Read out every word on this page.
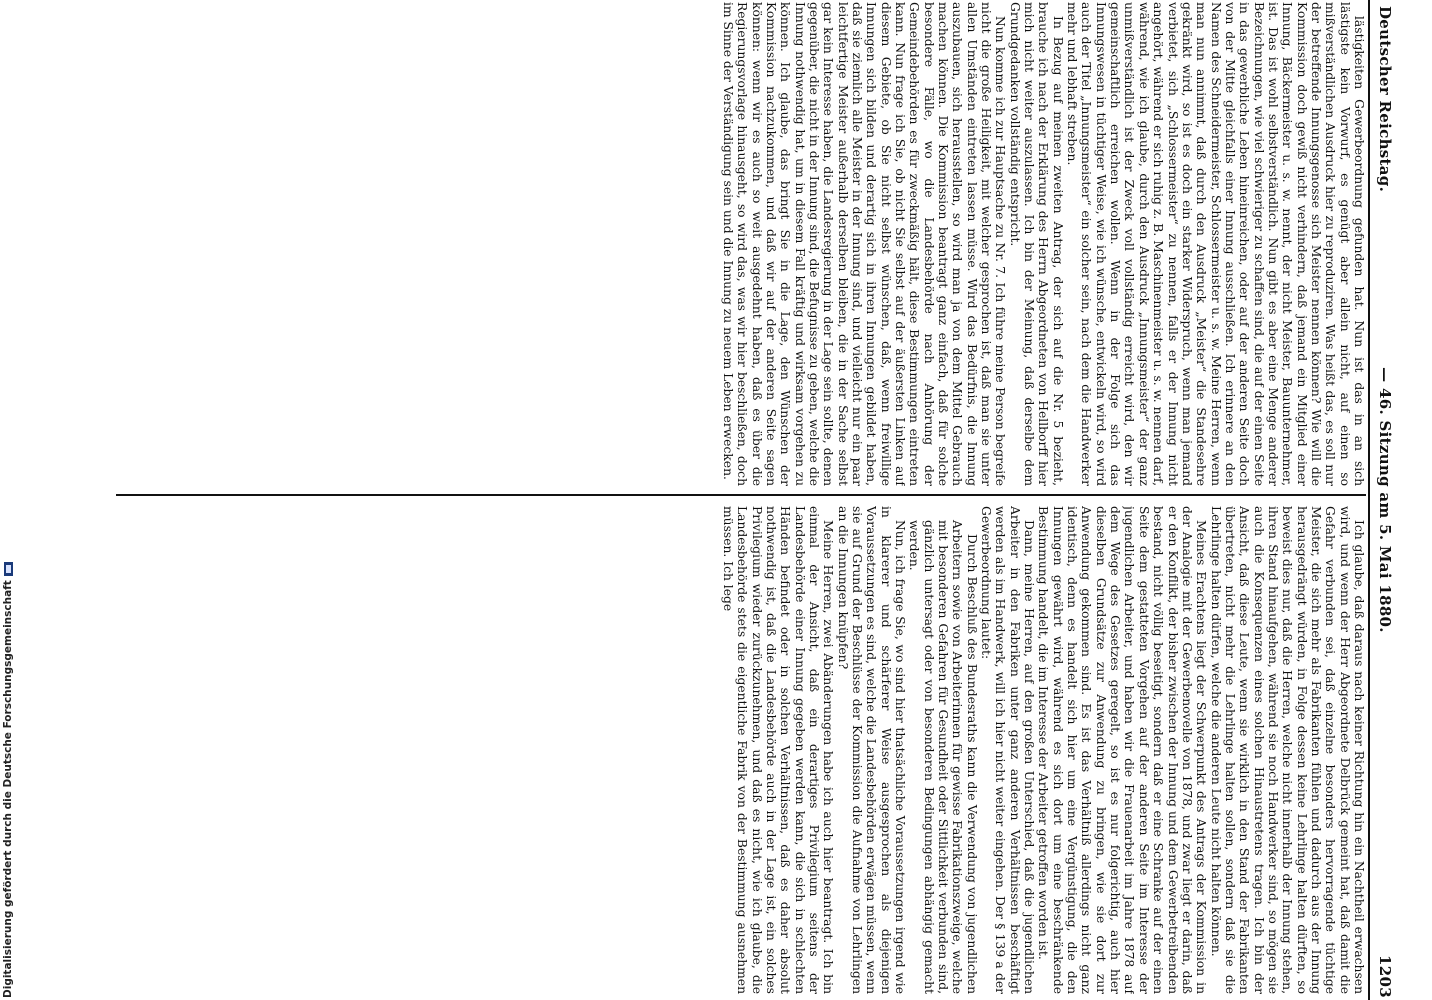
Deutscher Reichstag.
— 46. Sitzung am 5. Mai 1880.
1203

lästigkeiten Gewerbeordnung gefunden hat. Nun ist das in an sich lästigste kein Vorwurf, es genügt aber allein nicht, auf einen so mißverständlichen Ausdruck hier zu reproduziren. Was heißt das, es soll nur der betreffende Innungsgenosse sich Meister nennen können? Wie will die Kommission doch gewiß nicht verhindern, daß jemand ein Mitglied einer Innung, Bäckermeister u. s. w. nennt, der nicht Meister, Bauunternehmer, ist. Das ist wohl selbstverständlich. Nun gibt es aber eine Menge anderer Bezeichnungen, wie viel schwieriger zu schaffen sind, die auf der einen Seite in das gewerbliche Leben hineinreichen, oder auf der anderen Seite doch von der Mitte gleichfalls einer Innung ausschließen. Ich erinnere an den Namen des Schneidermeister, Schlossermeister u. s. w. Meine Herren, wenn man nun annimmt, daß durch den Ausdruck „Meister“ die Standesehre gekränkt wird, so ist es doch ein starker Widerspruch, wenn man jemand verbietet, sich „Schlossermeister“ zu nennen, falls er der Innung nicht angehört, während er sich ruhig z. B. Maschinenmeister u. s. w. nennen darf, während, wie ich glaube, durch den Ausdruck „Innungsmeister“ der ganz unmißverständlich ist der Zweck voll vollständig erreicht wird, den wir gemeinschaftlich erreichen wollen. Wenn in der Folge sich das Innungswesen in tüchtiger Weise, wie ich wünsche, entwickeln wird, so wird auch der Titel „Innungsmeister“ ein solcher sein, nach dem die Handwerker mehr und lebhaft streben.

In Bezug auf meinen zweiten Antrag, der sich auf die Nr. 5 bezieht, brauche ich nach der Erklärung des Herrn Abgeordneten von Hellborff hier mich nicht weiter auszulassen. Ich bin der Meinung, daß derselbe dem Grundgedanken vollständig entspricht.

Nun komme ich zur Hauptsache zu Nr. 7. Ich führe meine Person begreife nicht die große Heiligkeit, mit welcher gesprochen ist, daß man sie unter allen Umständen eintreten lassen müsse. Wird das Bedürfnis, die Innung auszubauen, sich herausstellen, so wird man ja von dem Mittel Gebrauch machen können. Die Kommission beantragt ganz einfach, daß für solche besondere Fälle, wo die Landesbehörde nach Anhörung der Gemeindebehörden es für zweckmäßig hält, diese Bestimmungen eintreten kann. Nun frage ich Sie, ob nicht Sie selbst auf der äußersten Linken auf diesem Gebiete, ob Sie nicht selbst wünschen, daß, wenn freiwillige Innungen sich bilden und derartig sich in ihren Innungen gebildet haben, daß sie ziemlich alle Meister in der Innung sind, und vielleicht nur ein paar leichtfertige Meister außerhalb derselben bleiben, die in der Sache selbst gar kein Interesse haben, die Landesregierung in der Lage sein sollte, denen gegenüber, die nicht in der Innung sind, die Befugnisse zu geben, welche die Innung nothwendig hat, um in diesem Fall kräftig und wirksam vorgehen zu können. Ich glaube, das bringt Sie in die Lage, den Wünschen der Kommission nachzukommen, und daß wir auf der anderen Seite sagen können: wenn wir es auch so weit ausgedehnt haben, daß es über die Regierungsvorlage hinausgeht, so wird das, was wir hier beschließen, doch im Sinne der Verständigung sein und die Innung zu neuem Leben erwecken.

Ich glaube, daß daraus nach keiner Richtung hin ein Nachtheil erwachsen wird, und wenn der Herr Abgeordnete Delbrück gemeint hat, daß damit die Gefahr verbunden sei, daß einzelne besonders hervorragende tüchtige Meister, die sich mehr als Fabrikanten fühlen und dadurch aus der Innung herausgedrängt würden, in Folge dessen keine Lehrlinge halten dürften, so beweist dies nur, daß die Herren, welche nicht innerhalb der Innung stehen, ihren Stand hinaufgehen, während sie noch Handwerker sind, so mögen sie auch die Konsequenzen eines solchen Hinaustretens tragen. Ich bin der Ansicht, daß diese Leute, wenn sie wirklich in den Stand der Fabrikanten übertreten, nicht mehr die Lehrlinge halten sollen, sondern daß sie die Lehrlinge halten dürfen, welche die anderen Leute nicht halten können.

Meines Erachtens liegt der Schwerpunkt des Antrags der Kommission in der Analogie mit der Gewerbenovelle von 1878, und zwar liegt er darin, daß er den Konflikt, der bisher zwischen der Innung und dem Gewerbetreibenden bestand, nicht völlig beseitigt, sondern daß er eine Schranke auf der einen Seite dem gestatteten Vorgehen auf der anderen Seite im Interesse der jugendlichen Arbeiter, und haben wir die Frauenarbeit im Jahre 1878 auf dem Wege des Gesetzes geregelt, so ist es nur folgerichtig, auch hier dieselben Grundsätze zur Anwendung zu bringen, wie sie dort zur Anwendung gekommen sind. Es ist das Verhältniß allerdings nicht ganz identisch, denn es handelt sich hier um eine Vergünstigung, die den Innungen gewährt wird, während es sich dort um eine beschränkende Bestimmung handelt, die im Interesse der Arbeiter getroffen worden ist.

Dann, meine Herren, auf den großen Unterschied, daß die jugendlichen Arbeiter in den Fabriken unter ganz anderen Verhältnissen beschäftigt werden als im Handwerk, will ich hier nicht weiter eingehen. Der § 139 a der Gewerbeordnung lautet:

Durch Beschluß des Bundesraths kann die Verwendung von jugendlichen Arbeitern sowie von Arbeiterinnen für gewisse Fabrikationszweige, welche mit besonderen Gefahren für Gesundheit oder Sittlichkeit verbunden sind, gänzlich untersagt oder von besonderen Bedingungen abhängig gemacht werden.

Nun, ich frage Sie, wo sind hier thatsächliche Voraussetzungen irgend wie in klarerer und schärferer Weise ausgesprochen als diejenigen Voraussetzungen es sind, welche die Landesbehörden erwägen müssen, wenn sie auf Grund der Beschlüsse der Kommission die Aufnahme von Lehrlingen an die Innungen knüpfen?

Meine Herren, zwei Abänderungen habe ich auch hier beantragt. Ich bin einmal der Ansicht, daß ein derartiges Privilegium seitens der Landesbehörde einer Innung gegeben werden kann, die sich in schlechten Händen befindet oder in solchen Verhältnissen, daß es daher absolut nothwendig ist, daß die Landesbehörde auch in der Lage ist, ein solches Privilegium wieder zurückzunehmen, und daß es nicht, wie ich glaube, die Landesbehörde stets die eigentliche Fabrik von der Bestimmung ausnehmen müssen. Ich lege

Digitalisierung gefördert durch die Deutsche Forschungsgemeinschaft
